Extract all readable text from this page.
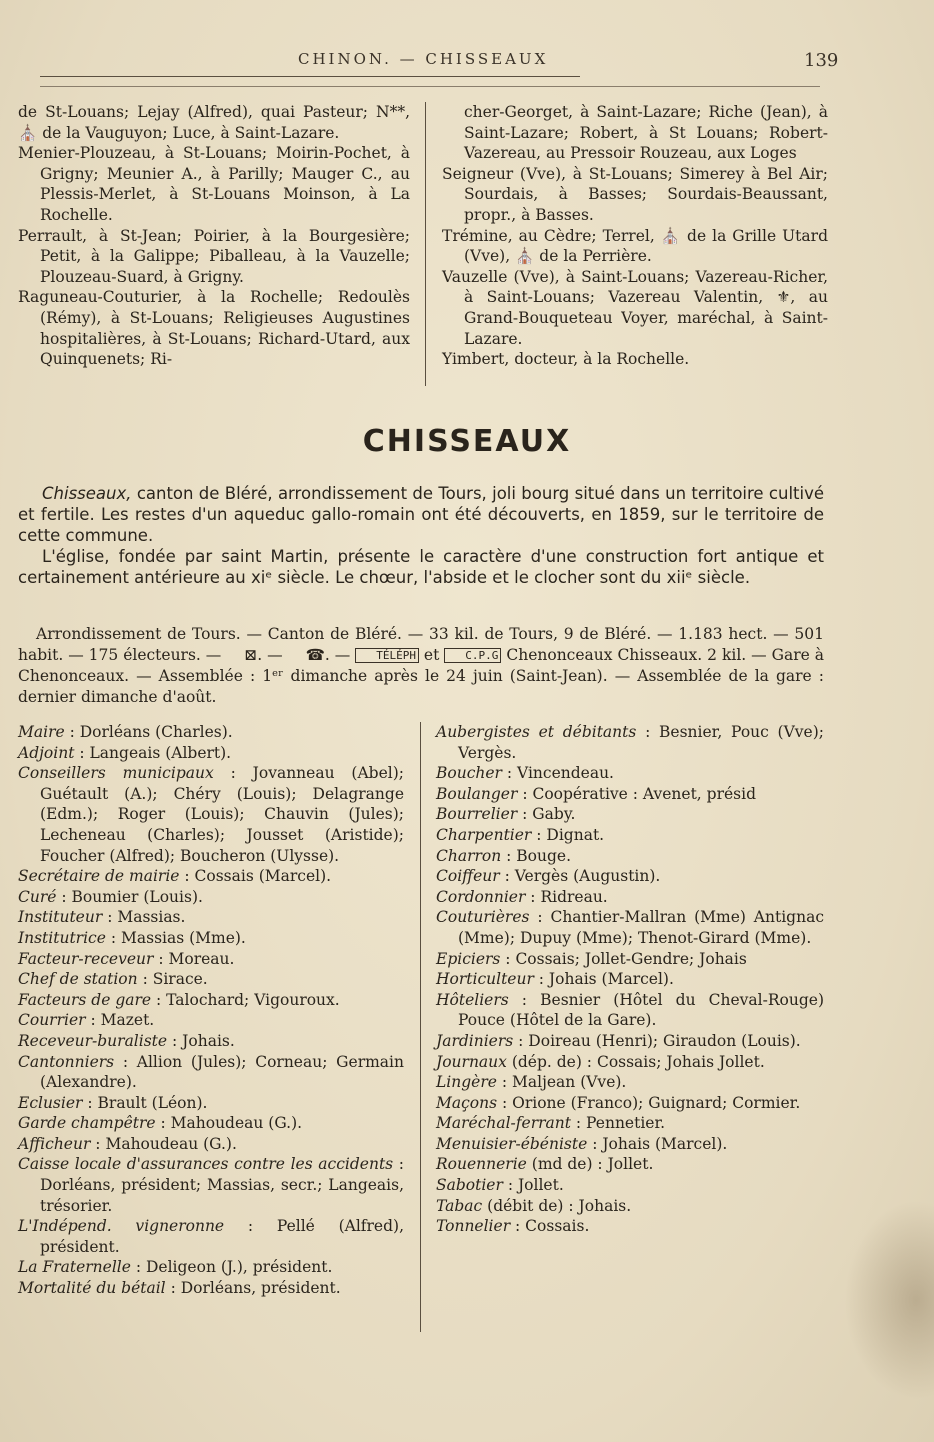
CHINON. — CHISSEAUX	139

de St-Louans; Lejay (Alfred), quai Pasteur; N**, ⛪ de la Vauguyon; Luce, à Saint-Lazare.

Menier-Plouzeau, à St-Louans; Moirin-Pochet, à Grigny; Meunier A., à Parilly; Mauger C., au Plessis-Merlet, à St-Louans Moinson, à La Rochelle.

Perrault, à St-Jean; Poirier, à la Bourgesière; Petit, à la Galippe; Piballeau, à la Vauzelle; Plouzeau-Suard, à Grigny.

Raguneau-Couturier, à la Rochelle; Redoulès (Rémy), à St-Louans; Religieuses Augustines hospitalières, à St-Louans; Richard-Utard, aux Quinquenets; Ri-

cher-Georget, à Saint-Lazare; Riche (Jean), à Saint-Lazare; Robert, à St Louans; Robert-Vazereau, au Pressoir Rouzeau, aux Loges

Seigneur (Vve), à St-Louans; Simerey à Bel Air; Sourdais, à Basses; Sourdais-Beaussant, propr., à Basses.

Trémine, au Cèdre; Terrel, ⛪ de la Grille Utard (Vve), ⛪ de la Perrière.

Vauzelle (Vve), à Saint-Louans; Vazereau-Richer, à Saint-Louans; Vazereau Valentin, ⚜, au Grand-Bouqueteau Voyer, maréchal, à Saint-Lazare.

Yimbert, docteur, à la Rochelle.

CHISSEAUX

Chisseaux, canton de Bléré, arrondissement de Tours, joli bourg situé dans un territoire cultivé et fertile. Les restes d'un aqueduc gallo-romain ont été découverts, en 1859, sur le territoire de cette commune.

L'église, fondée par saint Martin, présente le caractère d'une construction fort antique et certainement antérieure au xiᵉ siècle. Le chœur, l'abside et le clocher sont du xiiᵉ siècle.

Arrondissement de Tours. — Canton de Bléré. — 33 kil. de Tours, 9 de Bléré. — 1.183 hect. — 501 habit. — 175 électeurs. — ⊠. — ☎. — TÉLÉPH et C.P.G Chenonceaux Chisseaux. 2 kil. — Gare à Chenonceaux. — Assemblée : 1ᵉʳ dimanche après le 24 juin (Saint-Jean). — Assemblée de la gare : dernier dimanche d'août.

Maire : Dorléans (Charles).

Adjoint : Langeais (Albert).

Conseillers municipaux : Jovanneau (Abel); Guétault (A.); Chéry (Louis); Delagrange (Edm.); Roger (Louis); Chauvin (Jules); Lecheneau (Charles); Jousset (Aristide); Foucher (Alfred); Boucheron (Ulysse).

Secrétaire de mairie : Cossais (Marcel).

Curé : Boumier (Louis).

Instituteur : Massias.

Institutrice : Massias (Mme).

Facteur-receveur : Moreau.

Chef de station : Sirace.

Facteurs de gare : Talochard; Vigouroux.

Courrier : Mazet.

Receveur-buraliste : Johais.

Cantonniers : Allion (Jules); Corneau; Germain (Alexandre).

Eclusier : Brault (Léon).

Garde champêtre : Mahoudeau (G.).

Afficheur : Mahoudeau (G.).

Caisse locale d'assurances contre les accidents : Dorléans, président; Massias, secr.; Langeais, trésorier.

L'Indépend. vigneronne : Pellé (Alfred), président.

La Fraternelle : Deligeon (J.), président.

Mortalité du bétail : Dorléans, président.

Aubergistes et débitants : Besnier, Pouc (Vve); Vergès.

Boucher : Vincendeau.

Boulanger : Coopérative : Avenet, présid

Bourrelier : Gaby.

Charpentier : Dignat.

Charron : Bouge.

Coiffeur : Vergès (Augustin).

Cordonnier : Ridreau.

Couturières : Chantier-Mallran (Mme) Antignac (Mme); Dupuy (Mme); Thenot-Girard (Mme).

Epiciers : Cossais; Jollet-Gendre; Johais

Horticulteur : Johais (Marcel).

Hôteliers : Besnier (Hôtel du Cheval-Rouge) Pouce (Hôtel de la Gare).

Jardiniers : Doireau (Henri); Giraudon (Louis).

Journaux (dép. de) : Cossais; Johais Jollet.

Lingère : Maljean (Vve).

Maçons : Orione (Franco); Guignard; Cormier.

Maréchal-ferrant : Pennetier.

Menuisier-ébéniste : Johais (Marcel).

Rouennerie (md de) : Jollet.

Sabotier : Jollet.

Tabac (débit de) : Johais.

Tonnelier : Cossais.
